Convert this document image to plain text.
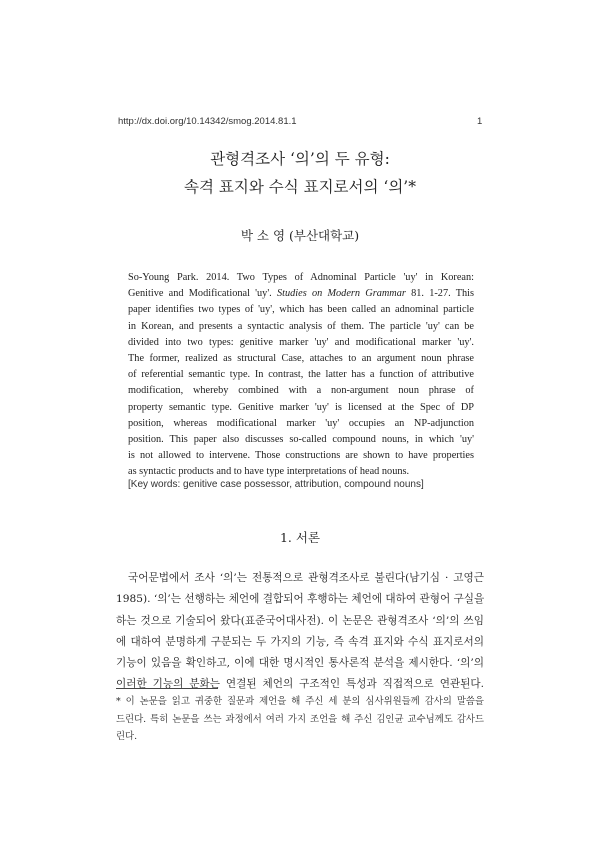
http://dx.doi.org/10.14342/smog.2014.81.1	1
관형격조사 ‘의’의 두 유형:
속격 표지와 수식 표지로서의 ‘의’*
박 소 영 (부산대학교)
So-Young Park. 2014. Two Types of Adnominal Particle 'uy' in Korean:
Genitive and Modificational 'uy'. Studies on Modern Grammar 81. 1-27. This
paper identifies two types of 'uy', which has been called an adnominal particle
in Korean, and presents a syntactic analysis of them. The particle 'uy' can be
divided into two types: genitive marker 'uy' and modificational marker 'uy'.
The former, realized as structural Case, attaches to an argument noun phrase
of referential semantic type. In contrast, the latter has a function of attributive
modification, whereby combined with a non-argument noun phrase of
property semantic type. Genitive marker 'uy' is licensed at the Spec of DP
position, whereas modificational marker 'uy' occupies an NP-adjunction
position. This paper also discusses so-called compound nouns, in which 'uy'
is not allowed to intervene. Those constructions are shown to have properties
as syntactic products and to have type interpretations of head nouns.
[Key words: genitive case possessor, attribution, compound nouns]
1. 서론
국어문법에서 조사 ‘의’는 전통적으로 관형격조사로 불린다(남기심 · 고영근
1985). ‘의’는 선행하는 체언에 결합되어 후행하는 체언에 대하여 관형어 구실을
하는 것으로 기술되어 왔다(표준국어대사전). 이 논문은 관형격조사 ‘의’의 쓰임
에 대하여 분명하게 구분되는 두 가지의 기능, 즉 속격 표지와 수식 표지로서의
기능이 있음을 확인하고, 이에 대한 명시적인 통사론적 분석을 제시한다. ‘의’의
이러한 기능의 분화는 연결된 체언의 구조적인 특성과 직접적으로 연관된다.
* 이 논문을 읽고 귀중한 질문과 제언을 해 주신 세 분의 심사위원들께 감사의 말씀을
드린다. 특히 논문을 쓰는 과정에서 여러 가지 조언을 해 주신 김인균 교수님께도 감사드
린다.
